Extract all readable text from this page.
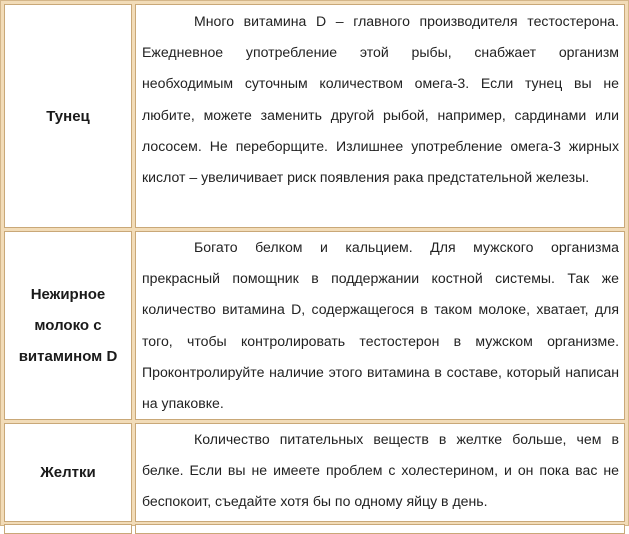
Тунец

Много витамина D – главного производителя тестостерона. Ежедневное употребление этой рыбы, снабжает организм необходимым суточным количеством омега-3. Если тунец вы не любите, можете заменить другой рыбой, например, сардинами или лососем. Не переборщите. Излишнее употребление омега-3 жирных кислот – увеличивает риск появления рака предстательной железы.

Нежирное
молоко с
витамином D

Богато белком и кальцием. Для мужского организма прекрасный помощник в поддержании костной системы. Так же количество витамина D, содержащегося в таком молоке, хватает, для того, чтобы контролировать тестостерон в мужском организме. Проконтролируйте наличие этого витамина в составе, который написан на упаковке.

Желтки

Количество питательных веществ в желтке больше, чем в белке. Если вы не имеете проблем с холестерином, и он пока вас не беспокоит, съедайте хотя бы по одному яйцу в день.
